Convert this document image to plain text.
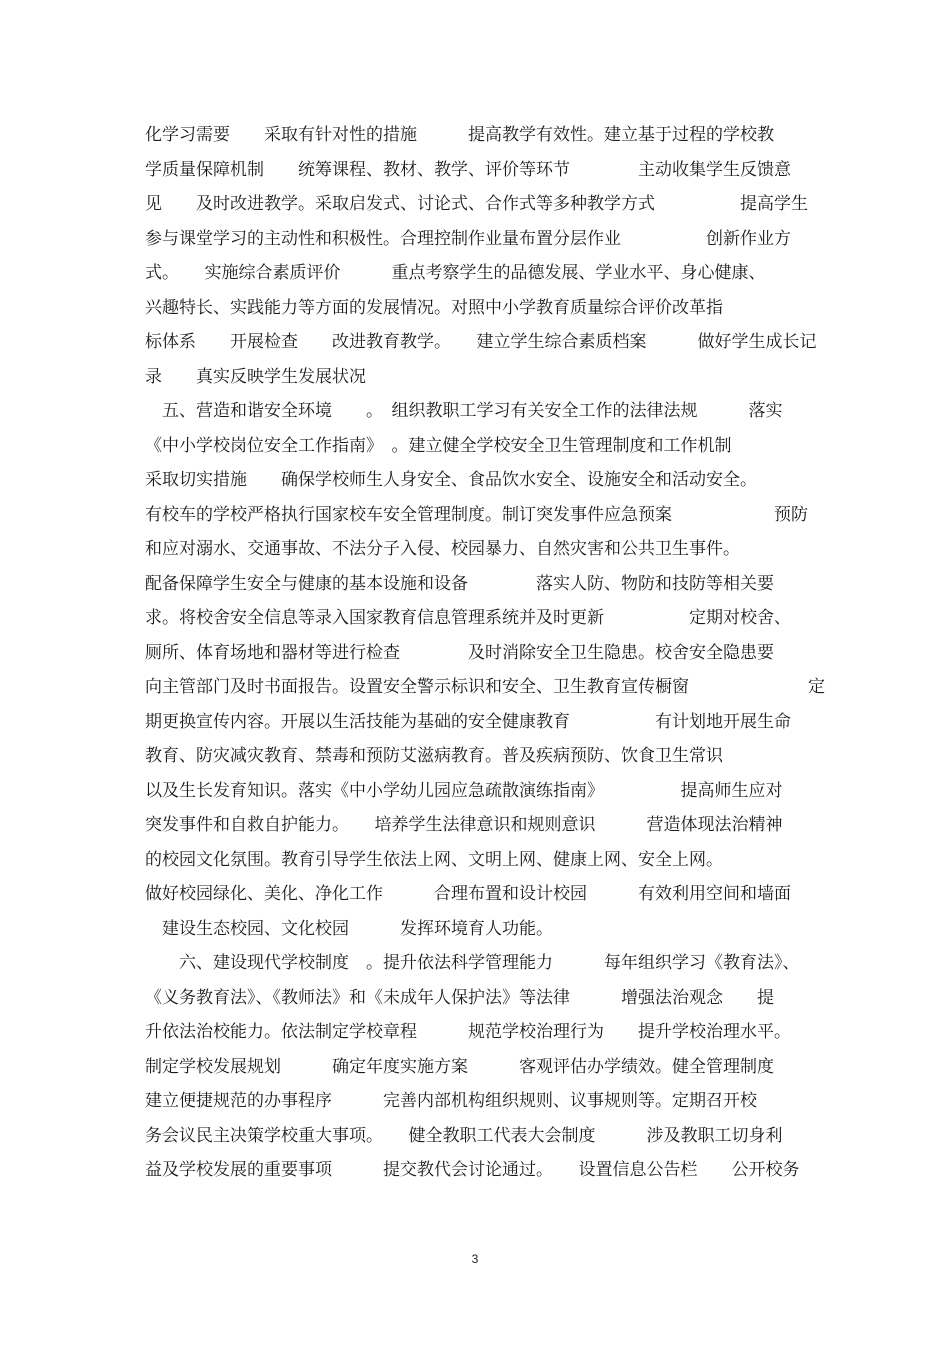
化学习需要　　采取有针对性的措施　　　提高教学有效性。建立基于过程的学校教
学质量保障机制　　统筹课程、教材、教学、评价等环节　　　　主动收集学生反馈意
见　　及时改进教学。采取启发式、讨论式、合作式等多种教学方式　　　　　提高学生
参与课堂学习的主动性和积极性。合理控制作业量布置分层作业　　　　　创新作业方
式。　　实施综合素质评价　　　重点考察学生的品德发展、学业水平、身心健康、
兴趣特长、实践能力等方面的发展情况。对照中小学教育质量综合评价改革指
标体系　　开展检查　　改进教育教学。　　建立学生综合素质档案　　　做好学生成长记
录　　真实反映学生发展状况
　五、营造和谐安全环境　　。　组织教职工学习有关安全工作的法律法规　　　落实
《中小学校岗位安全工作指南》　。建立健全学校安全卫生管理制度和工作机制
采取切实措施　　确保学校师生人身安全、食品饮水安全、设施安全和活动安全。
有校车的学校严格执行国家校车安全管理制度。制订突发事件应急预案　　　　　　预防
和应对溺水、交通事故、不法分子入侵、校园暴力、自然灾害和公共卫生事件。
配备保障学生安全与健康的基本设施和设备　　　　落实人防、物防和技防等相关要
求。将校舍安全信息等录入国家教育信息管理系统并及时更新　　　　　定期对校舍、
厕所、体育场地和器材等进行检查　　　　及时消除安全卫生隐患。校舍安全隐患要
向主管部门及时书面报告。设置安全警示标识和安全、卫生教育宣传橱窗　　　　　　　定
期更换宣传内容。开展以生活技能为基础的安全健康教育　　　　　有计划地开展生命
教育、防灾减灾教育、禁毒和预防艾滋病教育。普及疾病预防、饮食卫生常识
以及生长发育知识。落实《中小学幼儿园应急疏散演练指南》　　　　　提高师生应对
突发事件和自救自护能力。　　培养学生法律意识和规则意识　　　营造体现法治精神
的校园文化氛围。教育引导学生依法上网、文明上网、健康上网、安全上网。
做好校园绿化、美化、净化工作　　　合理布置和设计校园　　　有效利用空间和墙面
　建设生态校园、文化校园　　　发挥环境育人功能。
　　六、建设现代学校制度　。提升依法科学管理能力　　　每年组织学习《教育法》、
《义务教育法》、《教师法》和《未成年人保护法》等法律　　　增强法治观念　　提
升依法治校能力。依法制定学校章程　　　规范学校治理行为　　提升学校治理水平。
制定学校发展规划　　　确定年度实施方案　　　客观评估办学绩效。健全管理制度
建立便捷规范的办事程序　　　完善内部机构组织规则、议事规则等。定期召开校
务会议民主决策学校重大事项。　　健全教职工代表大会制度　　　涉及教职工切身利
益及学校发展的重要事项　　　提交教代会讨论通过。　　设置信息公告栏　　公开校务
3
